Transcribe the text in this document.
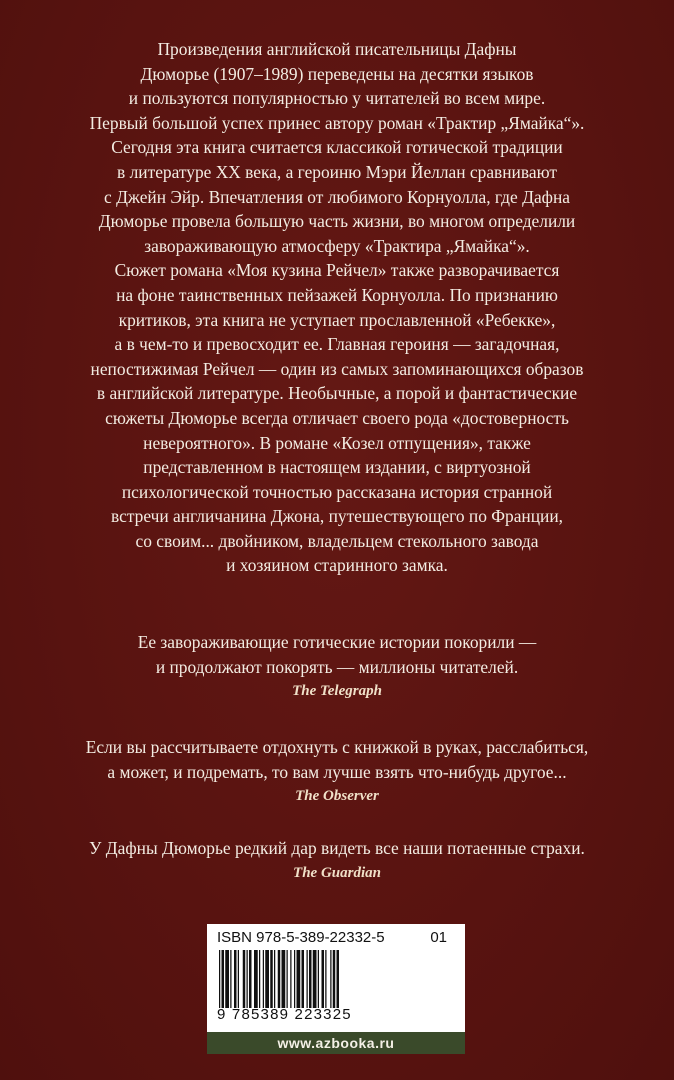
Произведения английской писательницы Дафны
Дюморье (1907–1989) переведены на десятки языков
и пользуются популярностью у читателей во всем мире.
Первый большой успех принес автору роман «Трактир „Ямайка“».
Сегодня эта книга считается классикой готической традиции
в литературе XX века, а героиню Мэри Йеллан сравнивают
с Джейн Эйр. Впечатления от любимого Корнуолла, где Дафна
Дюморье провела большую часть жизни, во многом определили
завораживающую атмосферу «Трактира „Ямайка“».
Сюжет романа «Моя кузина Рейчел» также разворачивается
на фоне таинственных пейзажей Корнуолла. По признанию
критиков, эта книга не уступает прославленной «Ребекке»,
а в чем-то и превосходит ее. Главная героиня — загадочная,
непостижимая Рейчел — один из самых запоминающихся образов
в английской литературе. Необычные, а порой и фантастические
сюжеты Дюморье всегда отличает своего рода «достоверность
невероятного». В романе «Козел отпущения», также
представленном в настоящем издании, с виртуозной
психологической точностью рассказана история странной
встречи англичанина Джона, путешествующего по Франции,
со своим... двойником, владельцем стекольного завода
и хозяином старинного замка.
Ее завораживающие готические истории покорили —
и продолжают покорять — миллионы читателей.
The Telegraph
Если вы рассчитываете отдохнуть с книжкой в руках, расслабиться,
а может, и подремать, то вам лучше взять что-нибудь другое...
The Observer
У Дафны Дюморье редкий дар видеть все наши потаенные страхи.
The Guardian
ISBN 978-5-389-22332-5	01
9 785389 223325
www.azbooka.ru
